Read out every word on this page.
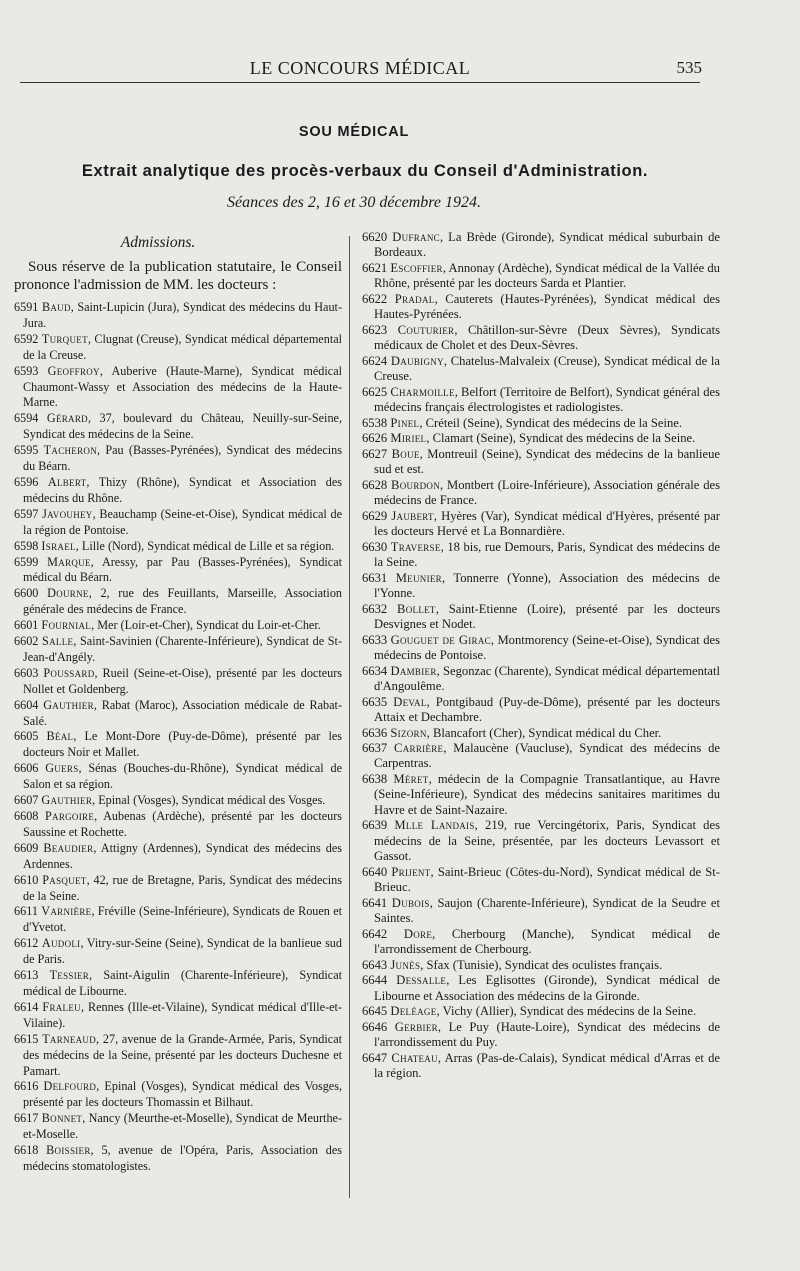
LE CONCOURS MÉDICAL	535
SOU MÉDICAL
Extrait analytique des procès-verbaux du Conseil d'Administration.
Séances des 2, 16 et 30 décembre 1924.
Admissions.
Sous réserve de la publication statutaire, le Conseil prononce l'admission de MM. les docteurs :

6591 Baud, Saint-Lupicin (Jura), Syndicat des médecins du Haut-Jura.

6592 Turquet, Clugnat (Creuse), Syndicat médical départemental de la Creuse.

6593 Geoffroy, Auberive (Haute-Marne), Syndicat médical Chaumont-Wassy et Association des médecins de la Haute-Marne.

6594 Gérard, 37, boulevard du Château, Neuilly-sur-Seine, Syndicat des médecins de la Seine.

6595 Tacheron, Pau (Basses-Pyrénées), Syndicat des médecins du Béarn.

6596 Albert, Thizy (Rhône), Syndicat et Association des médecins du Rhône.

6597 Javouhey, Beauchamp (Seine-et-Oise), Syndicat médical de la région de Pontoise.

6598 Israel, Lille (Nord), Syndicat médical de Lille et sa région.

6599 Marque, Aressy, par Pau (Basses-Pyrénées), Syndicat médical du Béarn.

6600 Dourne, 2, rue des Feuillants, Marseille, Association générale des médecins de France.

6601 Fournial, Mer (Loir-et-Cher), Syndicat du Loir-et-Cher.

6602 Salle, Saint-Savinien (Charente-Inférieure), Syndicat de St-Jean-d'Angély.

6603 Poussard, Rueil (Seine-et-Oise), présenté par les docteurs Nollet et Goldenberg.

6604 Gauthier, Rabat (Maroc), Association médicale de Rabat-Salé.

6605 Béal, Le Mont-Dore (Puy-de-Dôme), présenté par les docteurs Noir et Mallet.

6606 Guers, Sénas (Bouches-du-Rhône), Syndicat médical de Salon et sa région.

6607 Gauthier, Epinal (Vosges), Syndicat médical des Vosges.

6608 Pargoire, Aubenas (Ardèche), présenté par les docteurs Saussine et Rochette.

6609 Beaudier, Attigny (Ardennes), Syndicat des médecins des Ardennes.

6610 Pasquet, 42, rue de Bretagne, Paris, Syndicat des médecins de la Seine.

6611 Varnière, Fréville (Seine-Inférieure), Syndicats de Rouen et d'Yvetot.

6612 Audoli, Vitry-sur-Seine (Seine), Syndicat de la banlieue sud de Paris.

6613 Tessier, Saint-Aigulin (Charente-Inférieure), Syndicat médical de Libourne.

6614 Fraleu, Rennes (Ille-et-Vilaine), Syndicat médical d'Ille-et-Vilaine).

6615 Tarneaud, 27, avenue de la Grande-Armée, Paris, Syndicat des médecins de la Seine, présenté par les docteurs Duchesne et Pamart.

6616 Delfourd, Epinal (Vosges), Syndicat médical des Vosges, présenté par les docteurs Thomassin et Bilhaut.

6617 Bonnet, Nancy (Meurthe-et-Moselle), Syndicat de Meurthe-et-Moselle.

6618 Boissier, 5, avenue de l'Opéra, Paris, Association des médecins stomatologistes.

6620 Dufranc, La Brède (Gironde), Syndicat médical suburbain de Bordeaux.

6621 Escoffier, Annonay (Ardèche), Syndicat médical de la Vallée du Rhône, présenté par les docteurs Sarda et Plantier.

6622 Pradal, Cauterets (Hautes-Pyrénées), Syndicat médical des Hautes-Pyrénées.

6623 Couturier, Châtillon-sur-Sèvre (Deux Sèvres), Syndicats médicaux de Cholet et des Deux-Sèvres.

6624 Daubigny, Chatelus-Malvaleix (Creuse), Syndicat médical de la Creuse.

6625 Charmoille, Belfort (Territoire de Belfort), Syndicat général des médecins français électrologistes et radiologistes.

6538 Pinel, Créteil (Seine), Syndicat des médecins de la Seine.

6626 Miriel, Clamart (Seine), Syndicat des médecins de la Seine.

6627 Boue, Montreuil (Seine), Syndicat des médecins de la banlieue sud et est.

6628 Bourdon, Montbert (Loire-Inférieure), Association générale des médecins de France.

6629 Jaubert, Hyères (Var), Syndicat médical d'Hyères, présenté par les docteurs Hervé et La Bonnardière.

6630 Traverse, 18 bis, rue Demours, Paris, Syndicat des médecins de la Seine.

6631 Meunier, Tonnerre (Yonne), Association des médecins de l'Yonne.

6632 Bollet, Saint-Etienne (Loire), présenté par les docteurs Desvignes et Nodet.

6633 Gouguet de Girac, Montmorency (Seine-et-Oise), Syndicat des médecins de Pontoise.

6634 Dambier, Segonzac (Charente), Syndicat médical départementatl d'Angoulême.

6635 Deval, Pontgibaud (Puy-de-Dôme), présenté par les docteurs Attaix et Dechambre.

6636 Sizorn, Blancafort (Cher), Syndicat médical du Cher.

6637 Carrière, Malaucène (Vaucluse), Syndicat des médecins de Carpentras.

6638 Méret, médecin de la Compagnie Transatlantique, au Havre (Seine-Inférieure), Syndicat des médecins sanitaires maritimes du Havre et de Saint-Nazaire.

6639 Mlle Landais, 219, rue Vercingétorix, Paris, Syndicat des médecins de la Seine, présentée, par les docteurs Levassort et Gassot.

6640 Prijent, Saint-Brieuc (Côtes-du-Nord), Syndicat médical de St-Brieuc.

6641 Dubois, Saujon (Charente-Inférieure), Syndicat de la Seudre et Saintes.

6642 Dore, Cherbourg (Manche), Syndicat médical de l'arrondissement de Cherbourg.

6643 Junès, Sfax (Tunisie), Syndicat des oculistes français.

6644 Dessalle, Les Eglisottes (Gironde), Syndicat médical de Libourne et Association des médecins de la Gironde.

6645 Deléage, Vichy (Allier), Syndicat des médecins de la Seine.

6646 Gerbier, Le Puy (Haute-Loire), Syndicat des médecins de l'arrondissement du Puy.

6647 Chateau, Arras (Pas-de-Calais), Syndicat médical d'Arras et de la région.
